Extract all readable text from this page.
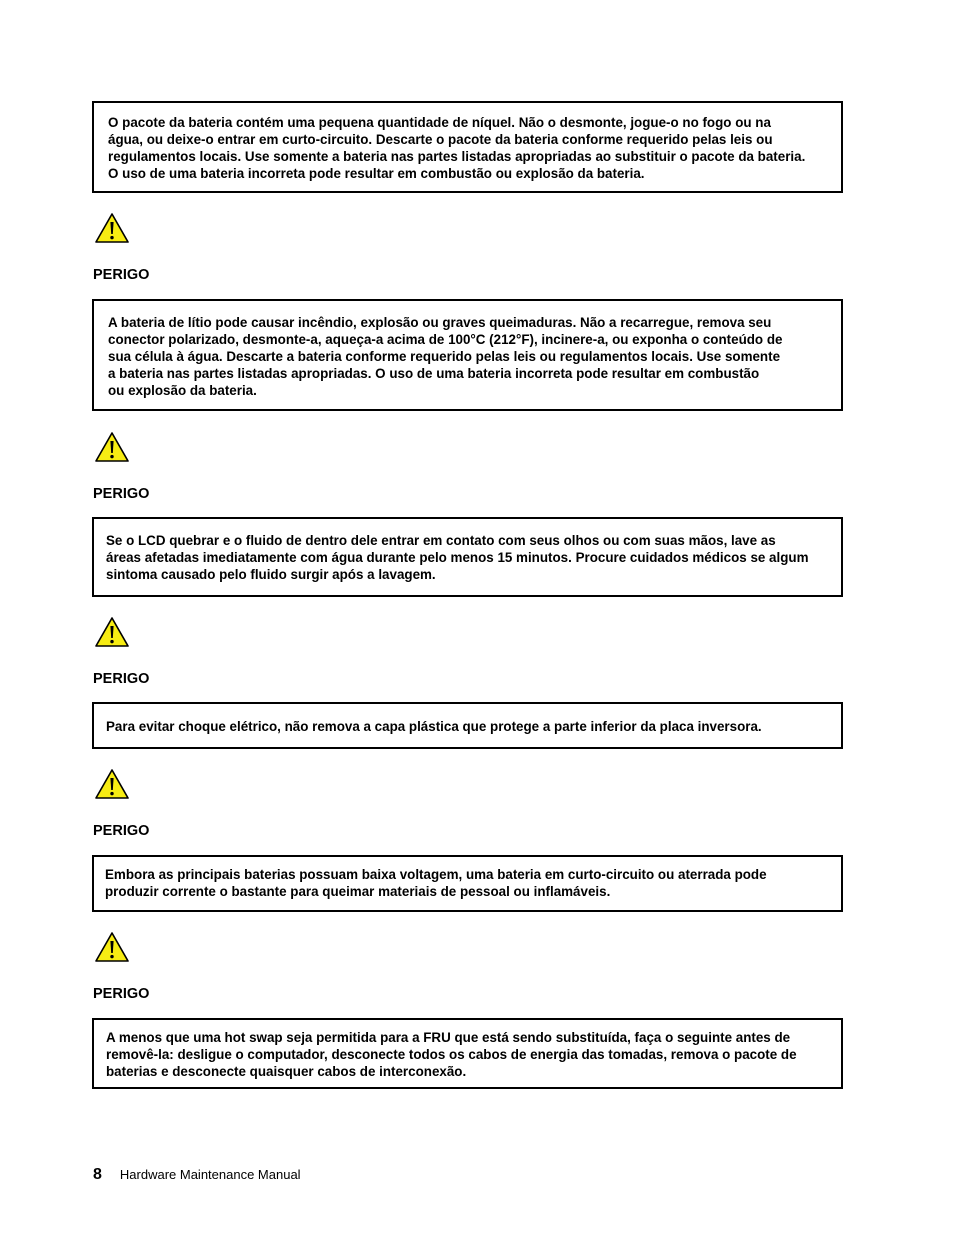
O pacote da bateria contém uma pequena quantidade de níquel. Não o desmonte, jogue-o no fogo ou na
água, ou deixe-o entrar em curto-circuito. Descarte o pacote da bateria conforme requerido pelas leis ou
regulamentos locais. Use somente a bateria nas partes listadas apropriadas ao substituir o pacote da bateria.
O uso de uma bateria incorreta pode resultar em combustão ou explosão da bateria.

PERIGO

A bateria de lítio pode causar incêndio, explosão ou graves queimaduras. Não a recarregue, remova seu
conector polarizado, desmonte-a, aqueça-a acima de 100°C (212°F), incinere-a, ou exponha o conteúdo de
sua célula à água. Descarte a bateria conforme requerido pelas leis ou regulamentos locais. Use somente
a bateria nas partes listadas apropriadas. O uso de uma bateria incorreta pode resultar em combustão
ou explosão da bateria.

PERIGO

Se o LCD quebrar e o fluido de dentro dele entrar em contato com seus olhos ou com suas mãos, lave as
áreas afetadas imediatamente com água durante pelo menos 15 minutos. Procure cuidados médicos se algum
sintoma causado pelo fluido surgir após a lavagem.

PERIGO

Para evitar choque elétrico, não remova a capa plástica que protege a parte inferior da placa inversora.

PERIGO

Embora as principais baterias possuam baixa voltagem, uma bateria em curto-circuito ou aterrada pode
produzir corrente o bastante para queimar materiais de pessoal ou inflamáveis.

PERIGO

A menos que uma hot swap seja permitida para a FRU que está sendo substituída, faça o seguinte antes de
removê-la: desligue o computador, desconecte todos os cabos de energia das tomadas, remova o pacote de
baterias e desconecte quaisquer cabos de interconexão.

8 Hardware Maintenance Manual
